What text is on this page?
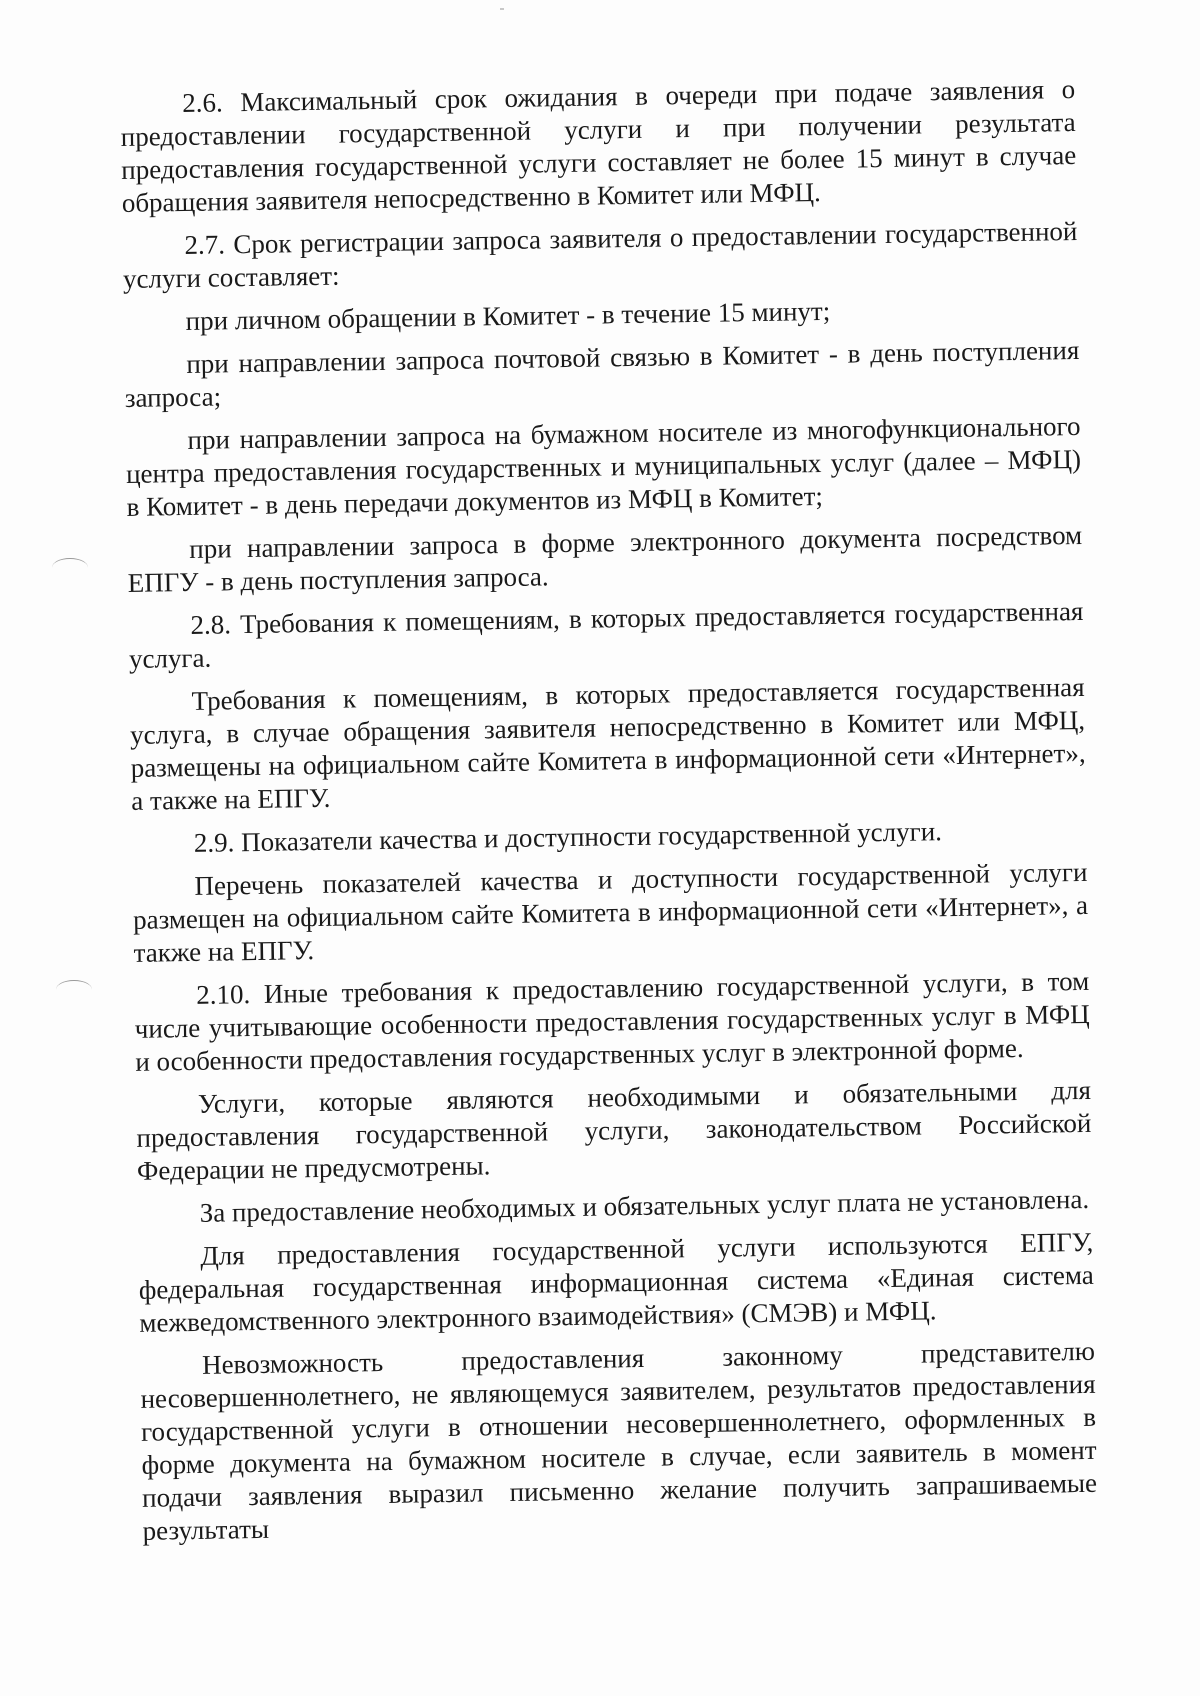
2.6. Максимальный срок ожидания в очереди при подаче заявления о предоставлении государственной услуги и при получении результата предоставления государственной услуги составляет не более 15 минут в случае обращения заявителя непосредственно в Комитет или МФЦ.

2.7. Срок регистрации запроса заявителя о предоставлении государственной услуги составляет:

при личном обращении в Комитет - в течение 15 минут;

при направлении запроса почтовой связью в Комитет - в день поступления запроса;

при направлении запроса на бумажном носителе из многофункционального центра предоставления государственных и муниципальных услуг (далее – МФЦ) в Комитет - в день передачи документов из МФЦ в Комитет;

при направлении запроса в форме электронного документа посредством ЕПГУ - в день поступления запроса.

2.8. Требования к помещениям, в которых предоставляется государственная услуга.

Требования к помещениям, в которых предоставляется государственная услуга, в случае обращения заявителя непосредственно в Комитет или МФЦ, размещены на официальном сайте Комитета в информационной сети «Интернет», а также на ЕПГУ.

2.9. Показатели качества и доступности государственной услуги.

Перечень показателей качества и доступности государственной услуги размещен на официальном сайте Комитета в информационной сети «Интернет», а также на ЕПГУ.

2.10. Иные требования к предоставлению государственной услуги, в том числе учитывающие особенности предоставления государственных услуг в МФЦ и особенности предоставления государственных услуг в электронной форме.

Услуги, которые являются необходимыми и обязательными для предоставления государственной услуги, законодательством Российской Федерации не предусмотрены.

За предоставление необходимых и обязательных услуг плата не установлена.

Для предоставления государственной услуги используются ЕПГУ, федеральная государственная информационная система «Единая система межведомственного электронного взаимодействия» (СМЭВ) и МФЦ.

Невозможность предоставления законному представителю несовершеннолетнего, не являющемуся заявителем, результатов предоставления государственной услуги в отношении несовершеннолетнего, оформленных в форме документа на бумажном носителе в случае, если заявитель в момент подачи заявления выразил письменно желание получить запрашиваемые результаты
